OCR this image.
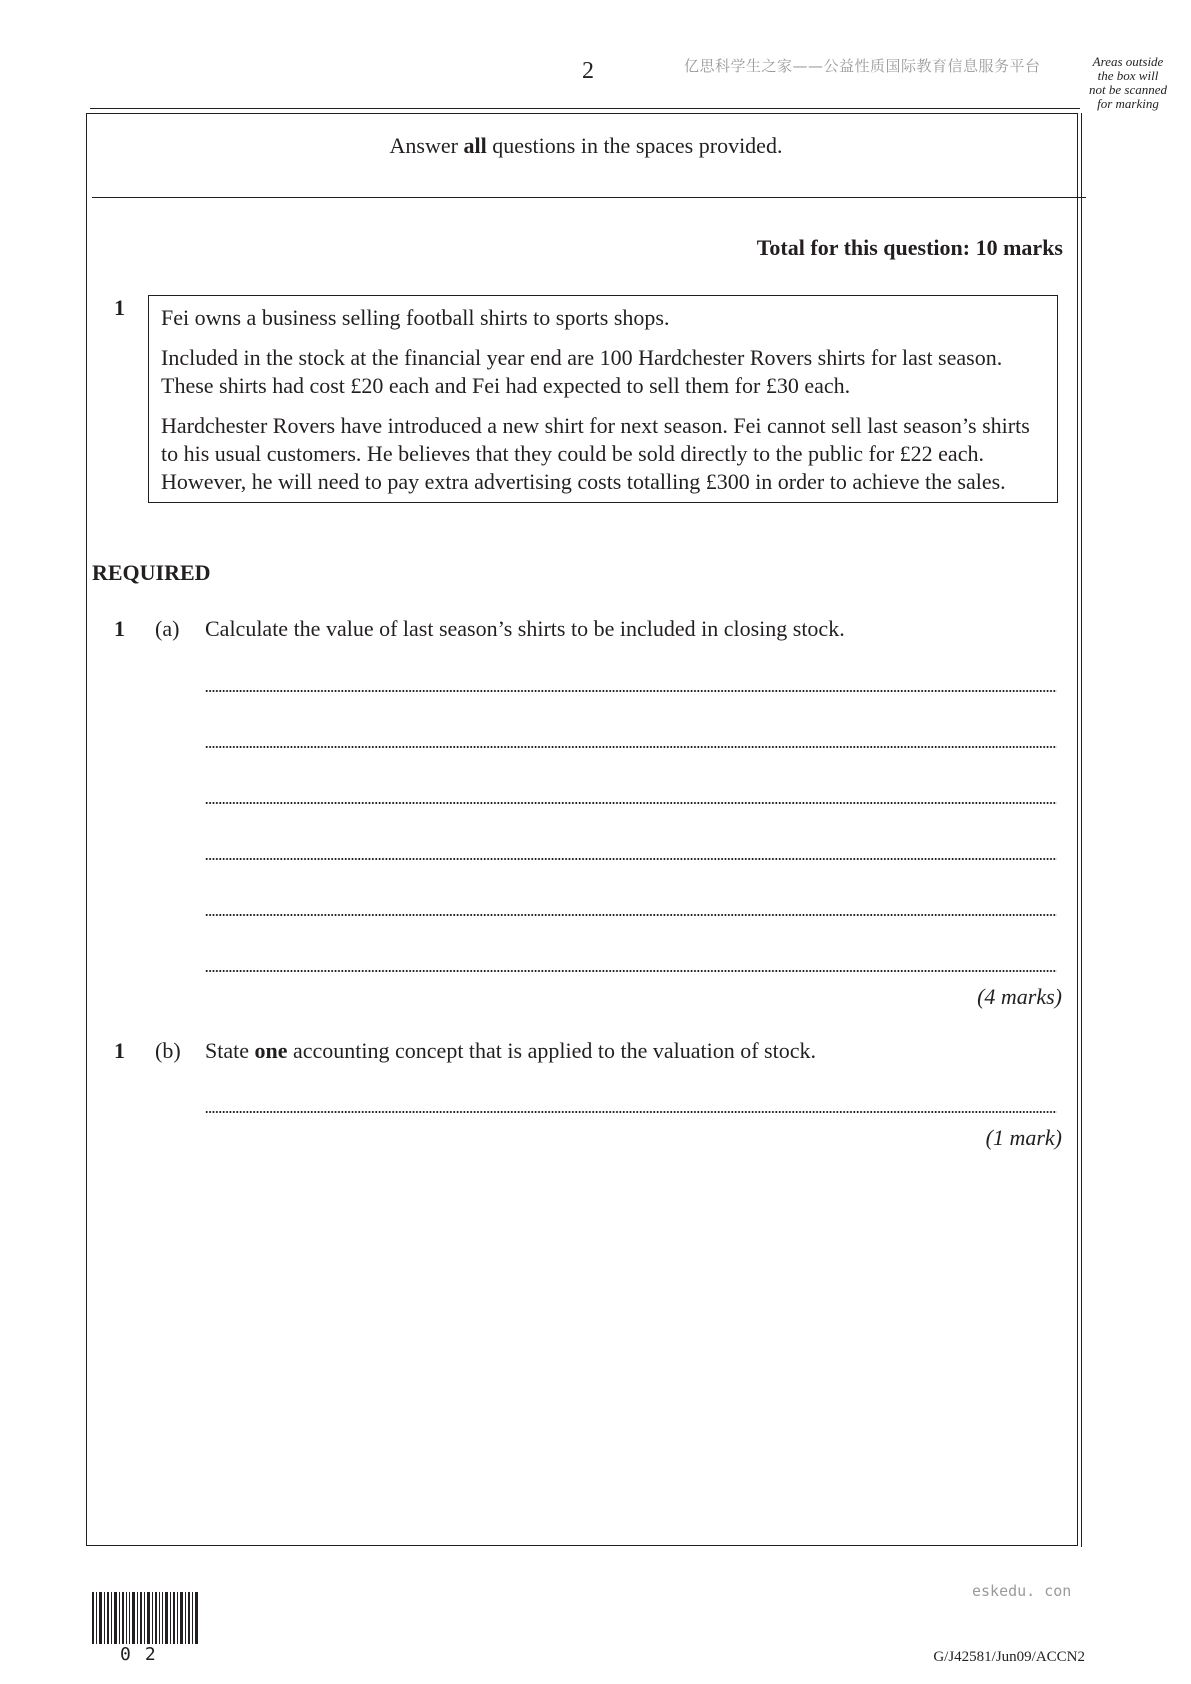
2	亿思科学生之家——公益性质国际教育信息服务平台	Areas outside
the box will
not be scanned
for marking
Answer all questions in the spaces provided.
Total for this question: 10 marks
1 Fei owns a business selling football shirts to sports shops.

Included in the stock at the financial year end are 100 Hardchester Rovers shirts for last season. These shirts had cost £20 each and Fei had expected to sell them for £30 each.

Hardchester Rovers have introduced a new shirt for next season. Fei cannot sell last season’s shirts to his usual customers. He believes that they could be sold directly to the public for £22 each. However, he will need to pay extra advertising costs totalling £300 in order to achieve the sales.

REQUIRED
1 (a) Calculate the value of last season’s shirts to be included in closing stock.
(4 marks)
1 (b) State one accounting concept that is applied to the valuation of stock.
(1 mark)
eskedu. con
02	G/J42581/Jun09/ACCN2
